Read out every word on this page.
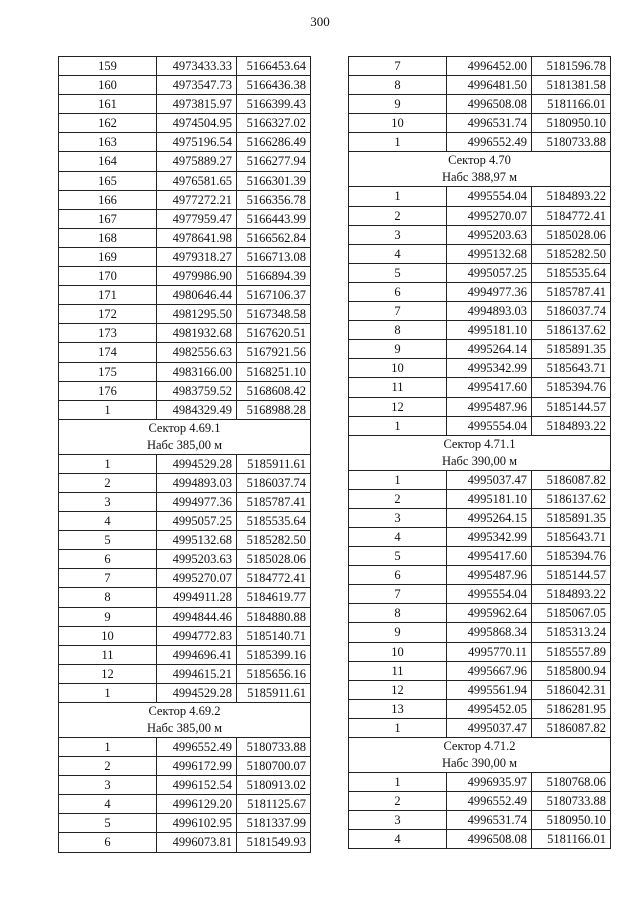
300
159	4973433.33	5166453.64
160	4973547.73	5166436.38
161	4973815.97	5166399.43
162	4974504.95	5166327.02
163	4975196.54	5166286.49
164	4975889.27	5166277.94
165	4976581.65	5166301.39
166	4977272.21	5166356.78
167	4977959.47	5166443.99
168	4978641.98	5166562.84
169	4979318.27	5166713.08
170	4979986.90	5166894.39
171	4980646.44	5167106.37
172	4981295.50	5167348.58
173	4981932.68	5167620.51
174	4982556.63	5167921.56
175	4983166.00	5168251.10
176	4983759.52	5168608.42
1	4984329.49	5168988.28

Сектор 4.69.1
Набс 385,00 м		

1	4994529.28	5185911.61
2	4994893.03	5186037.74
3	4994977.36	5185787.41
4	4995057.25	5185535.64
5	4995132.68	5185282.50
6	4995203.63	5185028.06
7	4995270.07	5184772.41
8	4994911.28	5184619.77
9	4994844.46	5184880.88
10	4994772.83	5185140.71
11	4994696.41	5185399.16
12	4994615.21	5185656.16
1	4994529.28	5185911.61

Сектор 4.69.2
Набс 385,00 м		

1	4996552.49	5180733.88
2	4996172.99	5180700.07
3	4996152.54	5180913.02
4	4996129.20	5181125.67
5	4996102.95	5181337.99
6	4996073.81	5181549.93
7	4996452.00	5181596.78
8	4996481.50	5181381.58
9	4996508.08	5181166.01
10	4996531.74	5180950.10
1	4996552.49	5180733.88

Сектор 4.70
Набс 388,97 м		

1	4995554.04	5184893.22
2	4995270.07	5184772.41
3	4995203.63	5185028.06
4	4995132.68	5185282.50
5	4995057.25	5185535.64
6	4994977.36	5185787.41
7	4994893.03	5186037.74
8	4995181.10	5186137.62
9	4995264.14	5185891.35
10	4995342.99	5185643.71
11	4995417.60	5185394.76
12	4995487.96	5185144.57
1	4995554.04	5184893.22

Сектор 4.71.1
Набс 390,00 м		

1	4995037.47	5186087.82
2	4995181.10	5186137.62
3	4995264.15	5185891.35
4	4995342.99	5185643.71
5	4995417.60	5185394.76
6	4995487.96	5185144.57
7	4995554.04	5184893.22
8	4995962.64	5185067.05
9	4995868.34	5185313.24
10	4995770.11	5185557.89
11	4995667.96	5185800.94
12	4995561.94	5186042.31
13	4995452.05	5186281.95
1	4995037.47	5186087.82

Сектор 4.71.2
Набс 390,00 м		

1	4996935.97	5180768.06
2	4996552.49	5180733.88
3	4996531.74	5180950.10
4	4996508.08	5181166.01
